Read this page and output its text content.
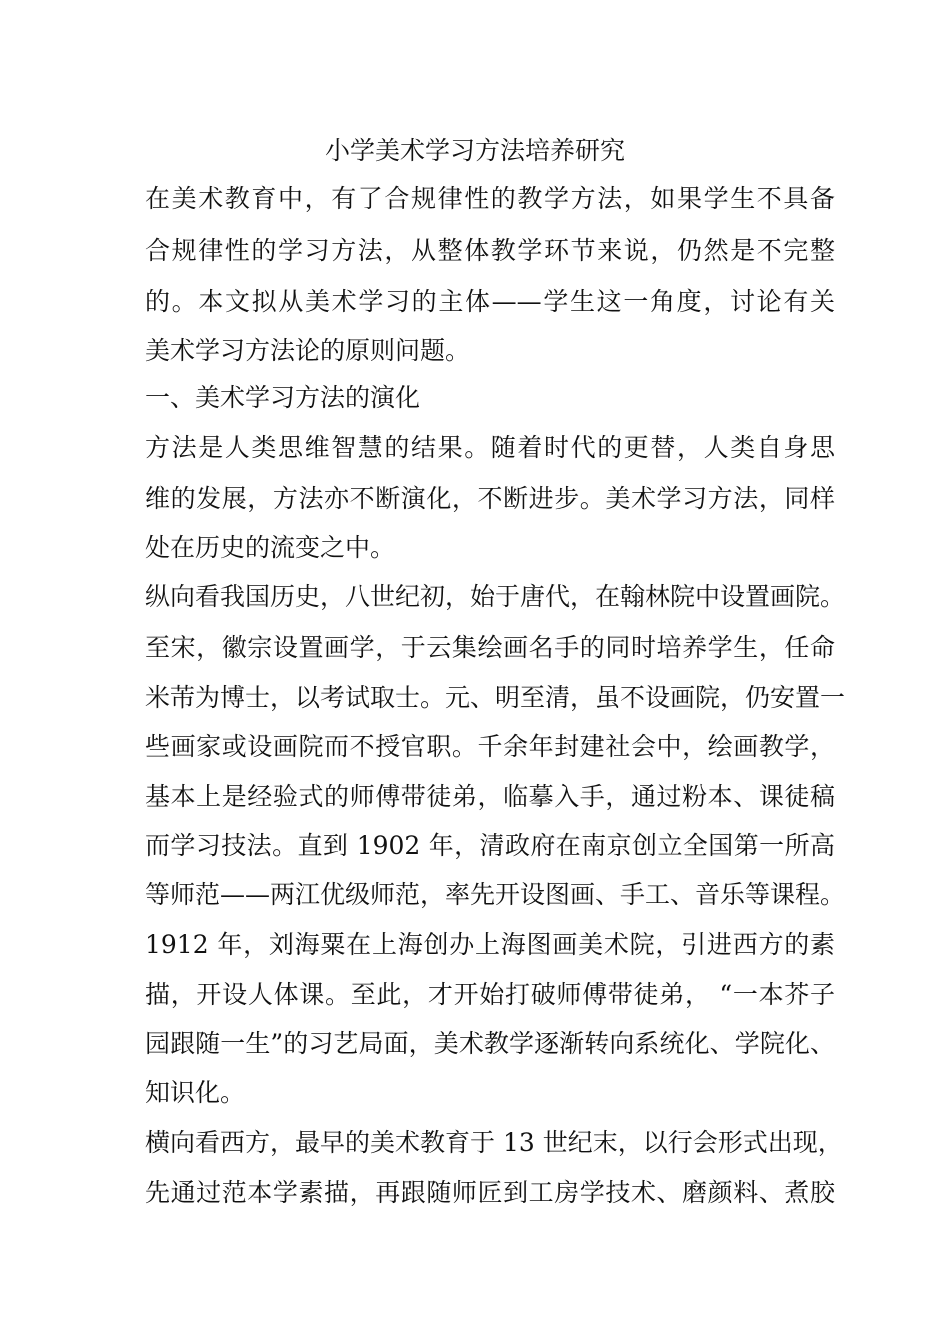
小学美术学习方法培养研究
在美术教育中，有了合规律性的教学方法，如果学生不具备
合规律性的学习方法，从整体教学环节来说，仍然是不完整
的。本文拟从美术学习的主体——学生这一角度，讨论有关
美术学习方法论的原则问题。
一、美术学习方法的演化
方法是人类思维智慧的结果。随着时代的更替，人类自身思
维的发展，方法亦不断演化，不断进步。美术学习方法，同样
处在历史的流变之中。
纵向看我国历史，八世纪初，始于唐代，在翰林院中设置画院。
至宋，徽宗设置画学，于云集绘画名手的同时培养学生，任命
米芾为博士，以考试取士。元、明至清，虽不设画院，仍安置一
些画家或设画院而不授官职。千余年封建社会中，绘画教学，
基本上是经验式的师傅带徒弟，临摹入手，通过粉本、课徒稿
而学习技法。直到 1902 年，清政府在南京创立全国第一所高
等师范——两江优级师范，率先开设图画、手工、音乐等课程。
1912 年，刘海粟在上海创办上海图画美术院，引进西方的素
描，开设人体课。至此，才开始打破师傅带徒弟， “一本芥子
园跟随一生”的习艺局面，美术教学逐渐转向系统化、学院化、
知识化。
横向看西方，最早的美术教育于 13 世纪末，以行会形式出现，
先通过范本学素描，再跟随师匠到工房学技术、磨颜料、煮胶
